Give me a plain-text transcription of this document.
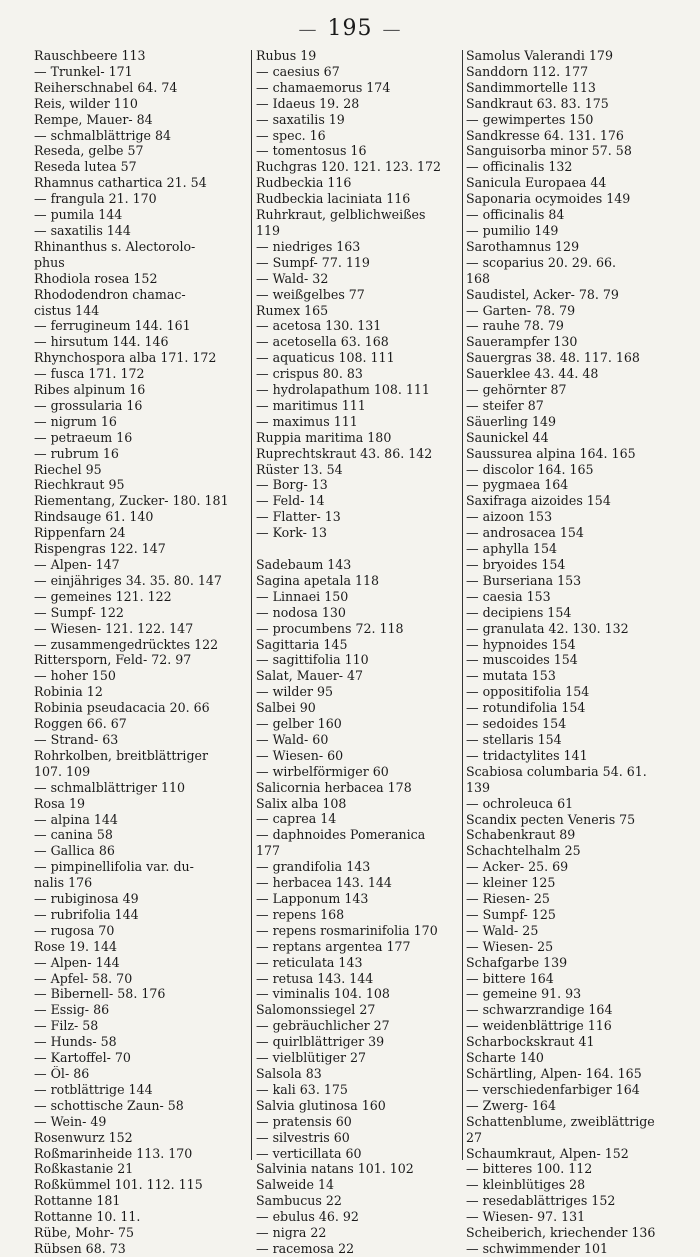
— 195 —
Rauschbeere 113
— Trunkel- 171
Reiherschnabel 64. 74
Reis, wilder 110
Rempe, Mauer- 84
— schmalblättrige 84
Reseda, gelbe 57
Reseda lutea 57
Rhamnus cathartica 21. 54
— frangula 21. 170
— pumila 144
— saxatilis 144
Rhinanthus s. Alectorolo-
phus
Rhodiola rosea 152
Rhododendron chamac-
cistus 144
— ferrugineum 144. 161
— hirsutum 144. 146
Rhynchospora alba 171. 172
— fusca 171. 172
Ribes alpinum 16
— grossularia 16
— nigrum 16
— petraeum 16
— rubrum 16
Riechel 95
Riechkraut 95
Riementang, Zucker- 180. 181
Rindsauge 61. 140
Rippenfarn 24
Rispengras 122. 147
— Alpen- 147
— einjähriges 34. 35. 80. 147
— gemeines 121. 122
— Sumpf- 122
— Wiesen- 121. 122. 147
— zusammengedrücktes 122
Rittersporn, Feld- 72. 97
— hoher 150
Robinia 12
Robinia pseudacacia 20. 66
Roggen 66. 67
— Strand- 63
Rohrkolben, breitblättriger
107. 109
— schmalblättriger 110
Rosa 19
— alpina 144
— canina 58
— Gallica 86
— pimpinellifolia var. du-
nalis 176
— rubiginosa 49
— rubrifolia 144
— rugosa 70
Rose 19. 144
— Alpen- 144
— Apfel- 58. 70
— Bibernell- 58. 176
— Essig- 86
— Filz- 58
— Hunds- 58
— Kartoffel- 70
— Öl- 86
— rotblättrige 144
— schottische Zaun- 58
— Wein- 49
Rosenwurz 152
Roßmarinheide 113. 170
Roßkastanie 21
Roßkümmel 101. 112. 115
Rottanne 181
Rottanne 10. 11.
Rübe, Mohr- 75
Rübsen 68. 73
Rubus 19
— caesius 67
— chamaemorus 174
— Idaeus 19. 28
— saxatilis 19
— spec. 16
— tomentosus 16
Ruchgras 120. 121. 123. 172
Rudbeckia 116
Rudbeckia laciniata 116
Ruhrkraut, gelblichweißes
119
— niedriges 163
— Sumpf- 77. 119
— Wald- 32
— weißgelbes 77
Rumex 165
— acetosa 130. 131
— acetosella 63. 168
— aquaticus 108. 111
— crispus 80. 83
— hydrolapathum 108. 111
— maritimus 111
— maximus 111
Ruppia maritima 180
Ruprechtskraut 43. 86. 142
Rüster 13. 54
— Borg- 13
— Feld- 14
— Flatter- 13
— Kork- 13
Sadebaum 143
Sagina apetala 118
— Linnaei 150
— nodosa 130
— procumbens 72. 118
Sagittaria 145
— sagittifolia 110
Salat, Mauer- 47
— wilder 95
Salbei 90
— gelber 160
— Wald- 60
— Wiesen- 60
— wirbelförmiger 60
Salicornia herbacea 178
Salix alba 108
— caprea 14
— daphnoides Pomeranica
177
— grandifolia 143
— herbacea 143. 144
— Lapponum 143
— repens 168
— repens rosmarinifolia 170
— reptans argentea 177
— reticulata 143
— retusa 143. 144
— viminalis 104. 108
Salomonssiegel 27
— gebräuchlicher 27
— quirlblättriger 39
— vielblütiger 27
Salsola 83
— kali 63. 175
Salvia glutinosa 160
— pratensis 60
— silvestris 60
— verticillata 60
Salvinia natans 101. 102
Salweide 14
Sambucus 22
— ebulus 46. 92
— nigra 22
— racemosa 22
Samolus Valerandi 179
Sanddorn 112. 177
Sandimmortelle 113
Sandkraut 63. 83. 175
— gewimpertes 150
Sandkresse 64. 131. 176
Sanguisorba minor 57. 58
— officinalis 132
Sanicula Europaea 44
Saponaria ocymoides 149
— officinalis 84
— pumilio 149
Sarothamnus 129
— scoparius 20. 29. 66.
168
Saudistel, Acker- 78. 79
— Garten- 78. 79
— rauhe 78. 79
Sauerampfer 130
Sauergras 38. 48. 117. 168
Sauerklee 43. 44. 48
— gehörnter 87
— steifer 87
Säuerling 149
Saunickel 44
Saussurea alpina 164. 165
— discolor 164. 165
— pygmaea 164
Saxifraga aizoides 154
— aizoon 153
— androsacea 154
— aphylla 154
— bryoides 154
— Burseriana 153
— caesia 153
— decipiens 154
— granulata 42. 130. 132
— hypnoides 154
— muscoides 154
— mutata 153
— oppositifolia 154
— rotundifolia 154
— sedoides 154
— stellaris 154
— tridactylites 141
Scabiosa columbaria 54. 61.
139
— ochroleuca 61
Scandix pecten Veneris 75
Schabenkraut 89
Schachtelhalm 25
— Acker- 25. 69
— kleiner 125
— Riesen- 25
— Sumpf- 125
— Wald- 25
— Wiesen- 25
Schafgarbe 139
— bittere 164
— gemeine 91. 93
— schwarzrandige 164
— weidenblättrige 116
Scharbockskraut 41
Scharte 140
Schärtling, Alpen- 164. 165
— verschiedenfarbiger 164
— Zwerg- 164
Schattenblume, zweiblättrige
27
Schaumkraut, Alpen- 152
— bitteres 100. 112
— kleinblütiges 28
— resedablättriges 152
— Wiesen- 97. 131
Scheiberich, kriechender 136
— schwimmender 101
